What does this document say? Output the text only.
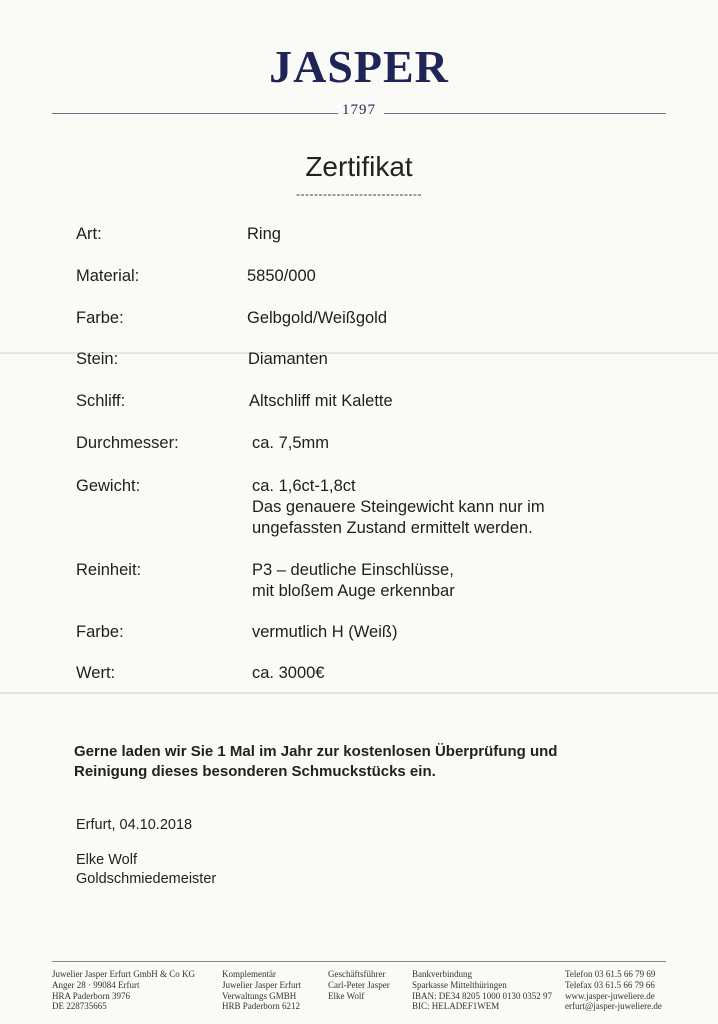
JASPER
1797
Zertifikat
----------------------------
Art:	Ring
Material:	5850/000
Farbe:	Gelbgold/Weißgold
Stein:	Diamanten
Schliff:	Altschliff mit Kalette
Durchmesser:	ca. 7,5mm
Gewicht:	ca. 1,6ct-1,8ct
Das genauere Steingewicht kann nur im
ungefassten Zustand ermittelt werden.
Reinheit:	P3 – deutliche Einschlüsse,
mit bloßem Auge erkennbar
Farbe:	vermutlich H (Weiß)
Wert:	ca. 3000€
Gerne laden wir Sie 1 Mal im Jahr zur kostenlosen Überprüfung und
Reinigung dieses besonderen Schmuckstücks ein.
Erfurt, 04.10.2018
Elke Wolf
Goldschmiedemeister
Juwelier Jasper Erfurt GmbH & Co KG
Anger 28 · 99084 Erfurt
HRA Paderborn 3976
DE 228735665
Komplementär
Juwelier Jasper Erfurt
Verwaltungs GMBH
HRB Paderborn 6212
Geschäftsführer
Carl-Peter Jasper
Elke Wolf
Bankverbindung
Sparkasse Mittelthüringen
IBAN: DE34 8205 1000 0130 0352 97
BIC: HELADEF1WEM
Telefon 03 61.5 66 79 69
Telefax 03 61.5 66 79 66
www.jasper-juweliere.de
erfurt@jasper-juweliere.de
